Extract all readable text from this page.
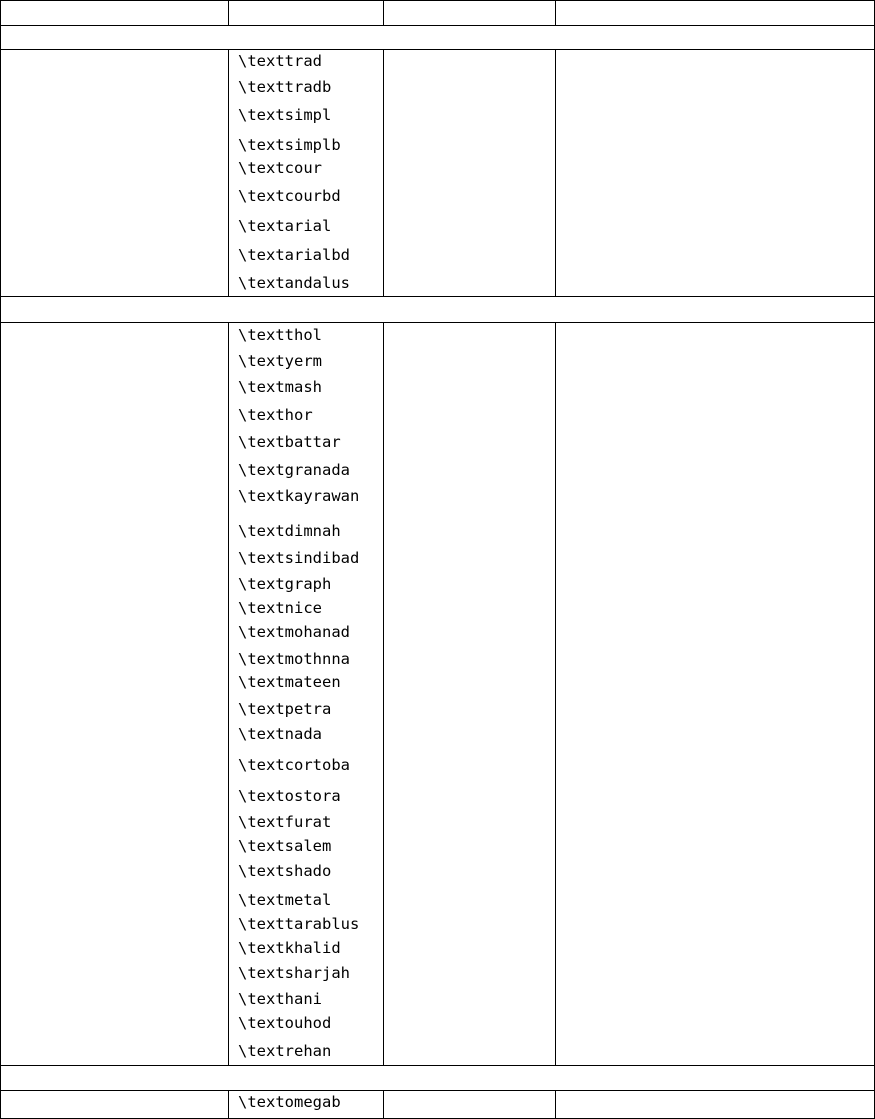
\texttrad
\texttradb
\textsimpl
\textsimplb
\textcour
\textcourbd
\textarial
\textarialbd
\textandalus
\textthol
\textyerm
\textmash
\texthor
\textbattar
\textgranada
\textkayrawan
\textdimnah
\textsindibad
\textgraph
\textnice
\textmohanad
\textmothnna
\textmateen
\textpetra
\textnada
\textcortoba
\textostora
\textfurat
\textsalem
\textshado
\textmetal
\texttarablus
\textkhalid
\textsharjah
\texthani
\textouhod
\textrehan
\textomegab
